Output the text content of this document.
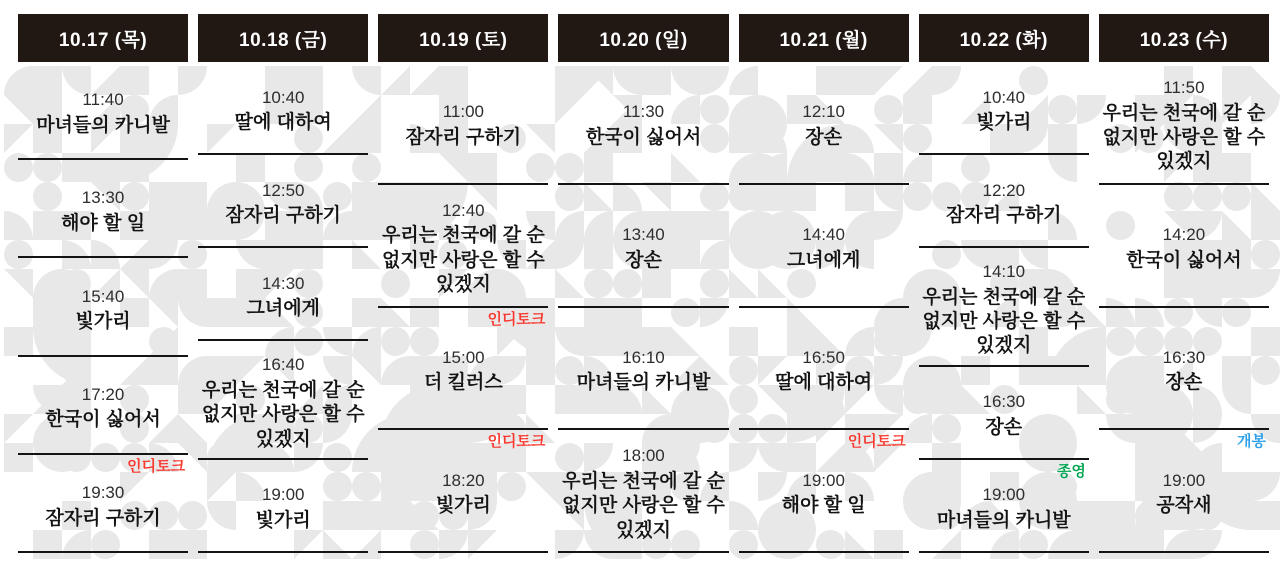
10.17 (목)
11:40
마녀들의 카니발
13:30
해야 할 일
15:40
빛가리
17:20
한국이 싫어서
인디토크
19:30
잠자리 구하기
10.18 (금)
10:40
딸에 대하여
12:50
잠자리 구하기
14:30
그녀에게
16:40
우리는 천국에 갈 순 없지만 사랑은 할 수 있겠지
19:00
빛가리
10.19 (토)
11:00
잠자리 구하기
12:40
우리는 천국에 갈 순 없지만 사랑은 할 수 있겠지
인디토크
15:00
더 킬러스
인디토크
18:20
빛가리
10.20 (일)
11:30
한국이 싫어서
13:40
장손
16:10
마녀들의 카니발
18:00
우리는 천국에 갈 순 없지만 사랑은 할 수 있겠지
10.21 (월)
12:10
장손
14:40
그녀에게
16:50
딸에 대하여
인디토크
19:00
해야 할 일
10.22 (화)
10:40
빛가리
12:20
잠자리 구하기
14:10
우리는 천국에 갈 순 없지만 사랑은 할 수 있겠지
16:30
장손
종영
19:00
마녀들의 카니발
10.23 (수)
11:50
우리는 천국에 갈 순 없지만 사랑은 할 수 있겠지
14:20
한국이 싫어서
16:30
장손
개봉
19:00
공작새
